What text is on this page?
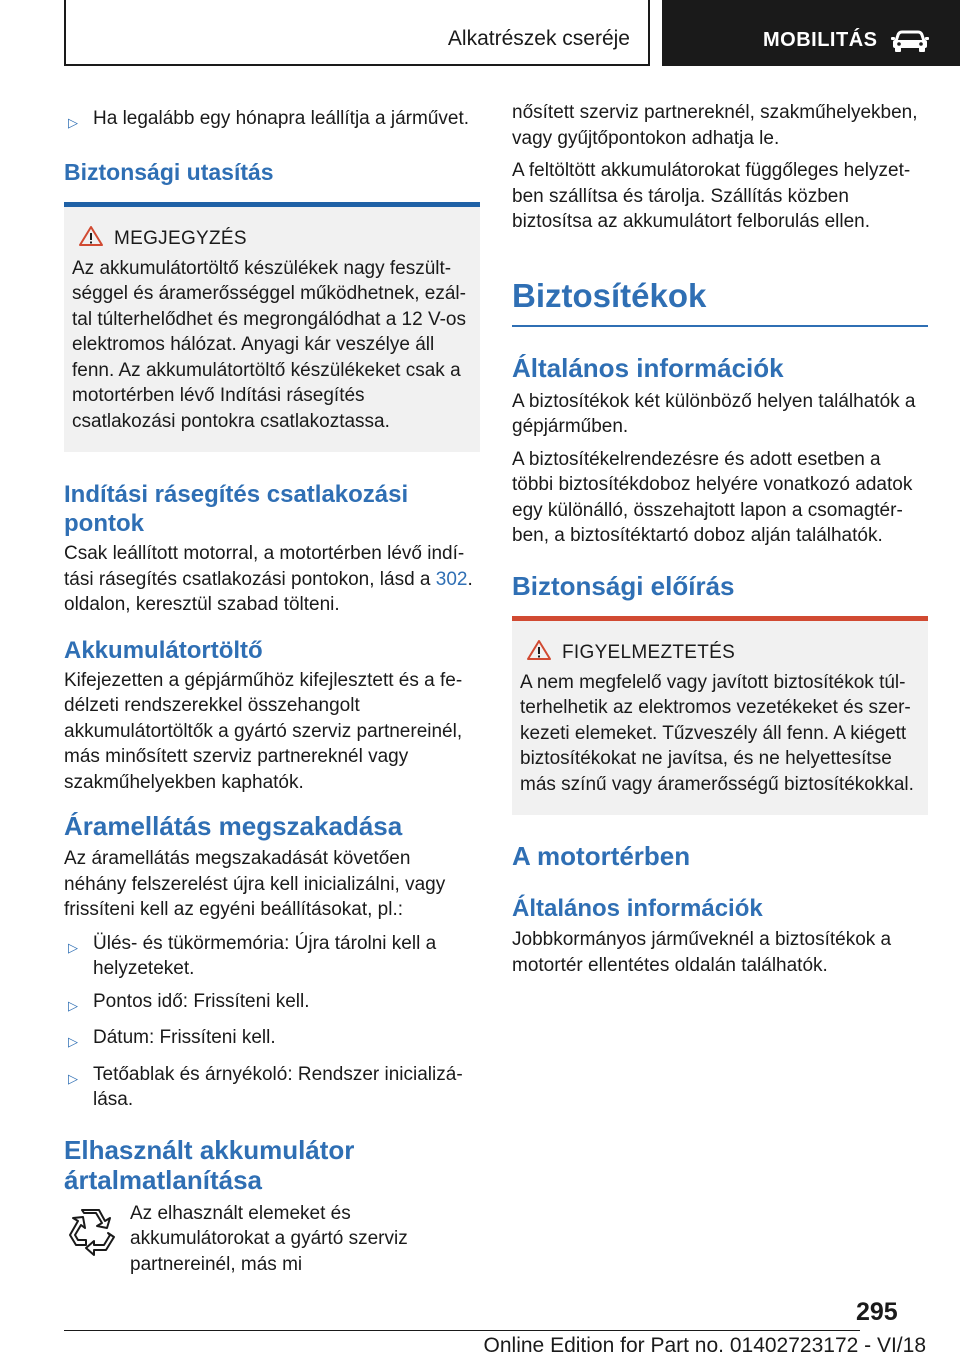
Alkatrészek cseréje	MOBILITÁS
▷ Ha legalább egy hónapra leállítja a járművet.
Biztonsági utasítás
MEGJEGYZÉS
Az akkumulátortöltő készülékek nagy feszültséggel és áramerősséggel működhetnek, ezáltal túlterhelődhet és megrongálódhat a 12 V-os elektromos hálózat. Anyagi kár veszélye áll fenn. Az akkumulátortöltő készülékeket csak a motortérben lévő Indítási rásegítés csatlakozási pontokra csatlakoztassa.
Indítási rásegítés csatlakozási pontok

Csak leállított motorral, a motortérben lévő indítási rásegítés csatlakozási pontokon, lásd a 302. oldalon, keresztül szabad tölteni.

Akkumulátortöltő

Kifejezetten a gépjárműhöz kifejlesztett és a fedélzeti rendszerekkel összehangolt akkumulátortöltők a gyártó szerviz partnereinél, más minősített szerviz partnereknél vagy szakműhelyekben kaphatók.

Áramellátás megszakadása

Az áramellátás megszakadását követően néhány felszerelést újra kell inicializálni, vagy frissíteni kell az egyéni beállításokat, pl.:

▷ Ülés- és tükörmemória: Újra tárolni kell a helyzeteket.
▷ Pontos idő: Frissíteni kell.
▷ Dátum: Frissíteni kell.
▷ Tetőablak és árnyékoló: Rendszer inicializálása.
Elhasznált akkumulátor ártalmatlanítása

Az elhasznált elemeket és akkumulátorokat a gyártó szerviz partnereinél, más mi

nősített szerviz partnereknél, szakműhelyekben, vagy gyűjtőpontokon adhatja le.

A feltöltött akkumulátorokat függőleges helyzetben szállítsa és tárolja. Szállítás közben biztosítsa az akkumulátort felborulás ellen.

Biztosítékok
Általános információk

A biztosítékok két különböző helyen találhatók a gépjárműben.

A biztosítékelrendezésre és adott esetben a többi biztosítékdoboz helyére vonatkozó adatok egy különálló, összehajtott lapon a csomagtérben, a biztosítéktartó doboz alján találhatók.

Biztonsági előírás
FIGYELMEZTETÉS
A nem megfelelő vagy javított biztosítékok túlterhelhetik az elektromos vezetékeket és szerkezeti elemeket. Tűzveszély áll fenn. A kiégett biztosítékokat ne javítsa, és ne helyettesítse más színű vagy áramerősségű biztosítékokkal.
A motortérben
Általános információk

Jobbkormányos járműveknél a biztosítékok a motortér ellentétes oldalán találhatók.

295
Online Edition for Part no. 01402723172 - VI/18
